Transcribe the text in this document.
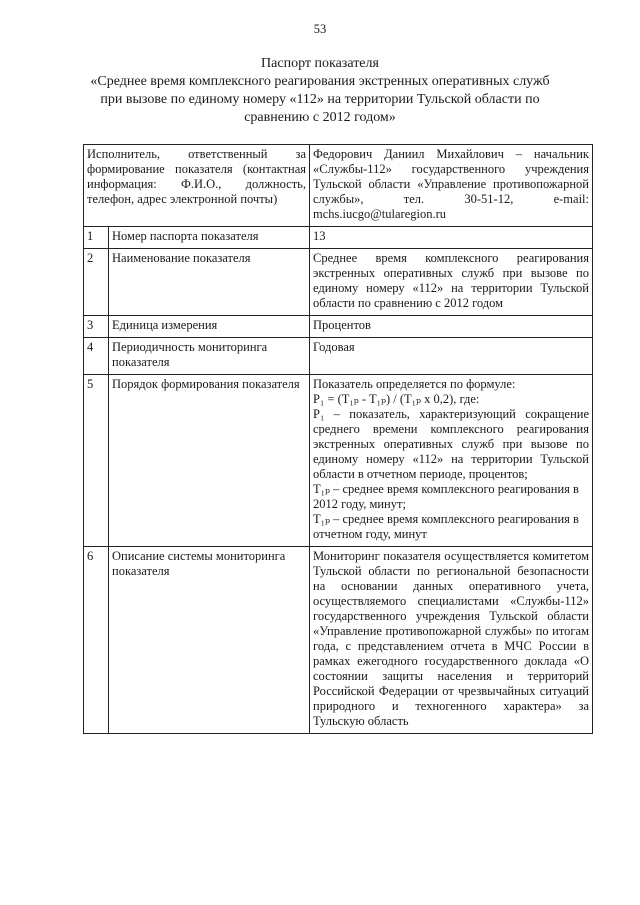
53
Паспорт показателя
«Среднее время комплексного реагирования экстренных оперативных служб
при вызове по единому номеру «112» на территории Тульской области по
сравнению с 2012 годом»
Исполнитель, ответственный за формирование показателя (контактная информация: Ф.И.О., должность, телефон, адрес электронной почты)		Федорович Даниил Михайлович – начальник «Службы-112» государственного учреждения Тульской области «Управление противопожарной службы», тел. 30-51-12, e-mail: mchs.iucgo@tularegion.ru
1	Номер паспорта показателя	13
2	Наименование показателя	Среднее время комплексного реагирования экстренных оперативных служб при вызове по единому номеру «112» на территории Тульской области по сравнению с 2012 годом
3	Единица измерения	Процентов
4	Периодичность мониторинга показателя	Годовая
5	Порядок формирования показателя	Показатель определяется по формуле:
P₁ = (T₁ₚ - T₁ₚ) / (T₁ₚ x 0,2), где:
P₁ – показатель, характеризующий сокращение среднего времени комплексного реагирования экстренных оперативных служб при вызове по единому номеру «112» на территории Тульской области в отчетном периоде, процентов;
T₁ₚ – среднее время комплексного реагирования в 2012 году, минут;
T₁ₚ – среднее время комплексного реагирования в отчетном году, минут

6	Описание системы мониторинга показателя	Мониторинг показателя осуществляется комитетом Тульской области по региональной безопасности на основании данных оперативного учета, осуществляемого специалистами «Службы-112» государственного учреждения Тульской области «Управление противопожарной службы» по итогам года, с представлением отчета в МЧС России в рамках ежегодного государственного доклада «О состоянии защиты населения и территорий Российской Федерации от чрезвычайных ситуаций природного и техногенного характера» за Тульскую область
